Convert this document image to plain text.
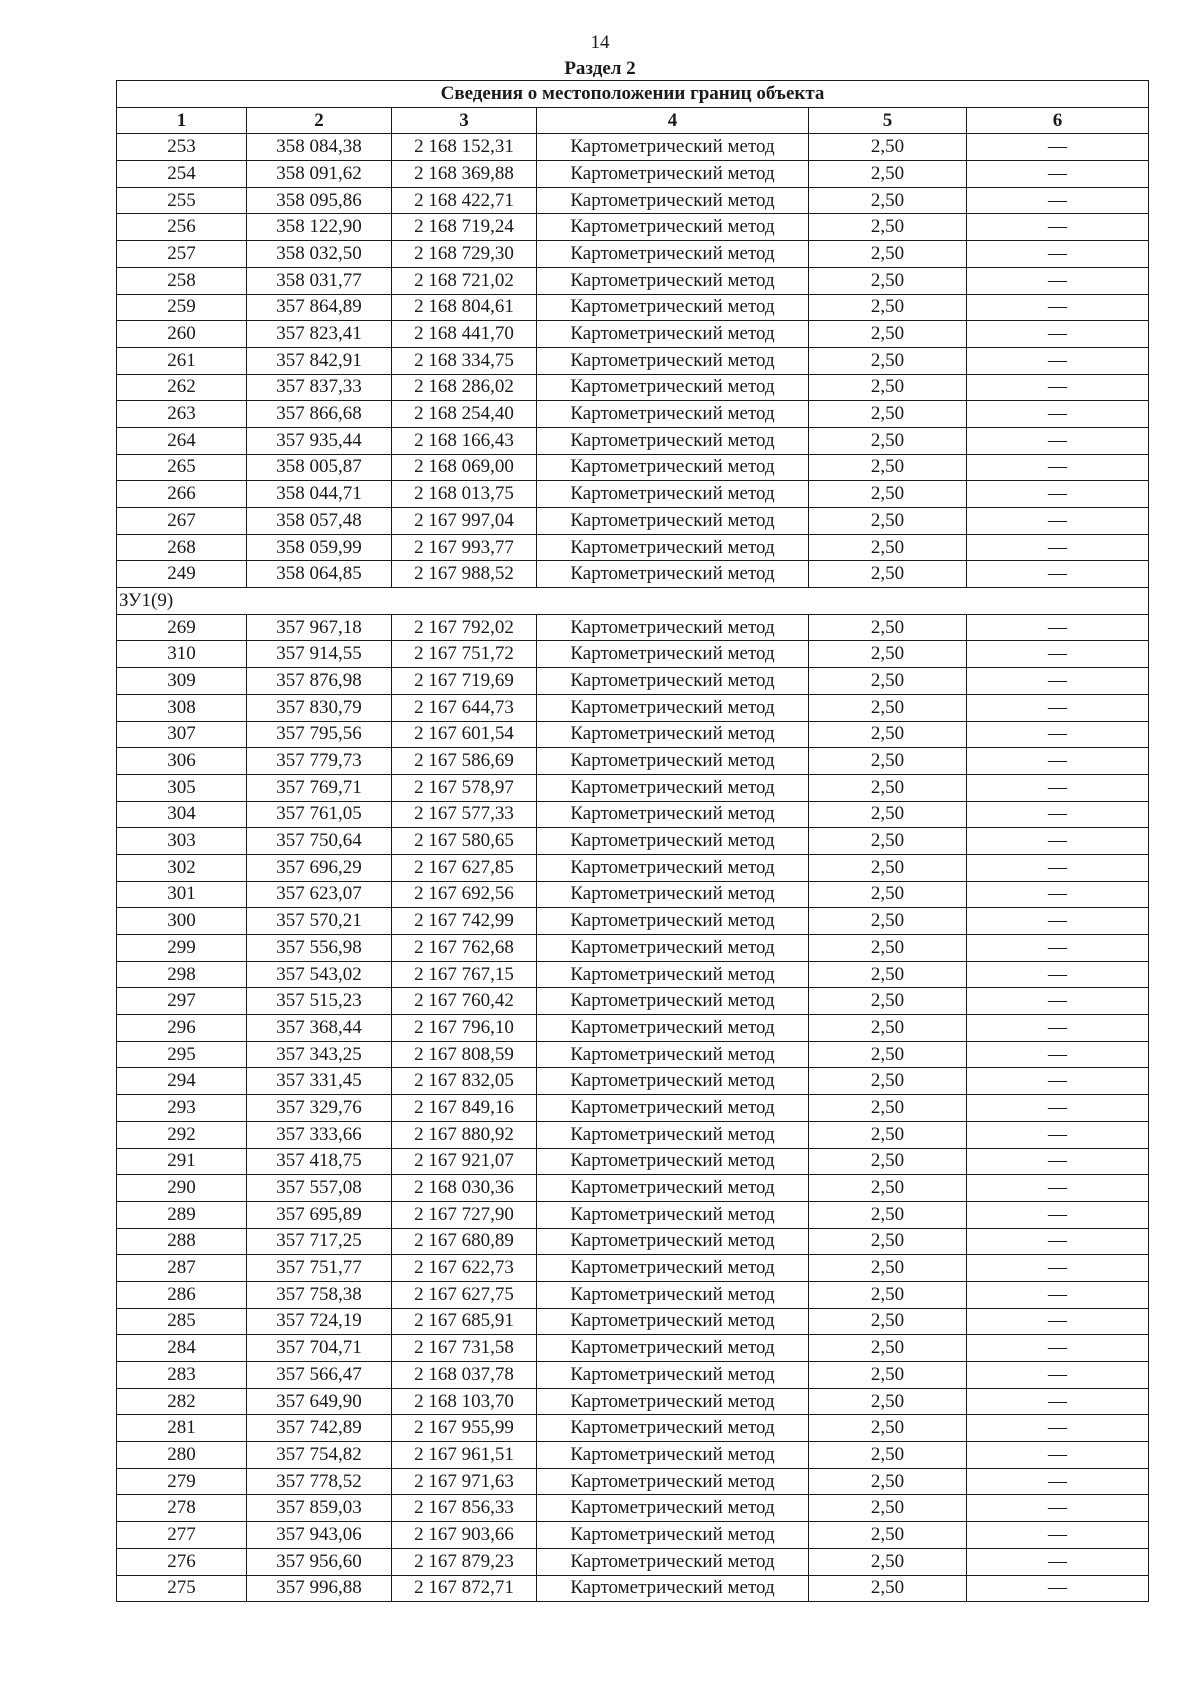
14
Раздел 2
Сведения о местоположении границ объекта					
1	2	3	4	5	6
253	358 084,38	2 168 152,31	Картометрический метод	2,50	—
254	358 091,62	2 168 369,88	Картометрический метод	2,50	—
255	358 095,86	2 168 422,71	Картометрический метод	2,50	—
256	358 122,90	2 168 719,24	Картометрический метод	2,50	—
257	358 032,50	2 168 729,30	Картометрический метод	2,50	—
258	358 031,77	2 168 721,02	Картометрический метод	2,50	—
259	357 864,89	2 168 804,61	Картометрический метод	2,50	—
260	357 823,41	2 168 441,70	Картометрический метод	2,50	—
261	357 842,91	2 168 334,75	Картометрический метод	2,50	—
262	357 837,33	2 168 286,02	Картометрический метод	2,50	—
263	357 866,68	2 168 254,40	Картометрический метод	2,50	—
264	357 935,44	2 168 166,43	Картометрический метод	2,50	—
265	358 005,87	2 168 069,00	Картометрический метод	2,50	—
266	358 044,71	2 168 013,75	Картометрический метод	2,50	—
267	358 057,48	2 167 997,04	Картометрический метод	2,50	—
268	358 059,99	2 167 993,77	Картометрический метод	2,50	—
249	358 064,85	2 167 988,52	Картометрический метод	2,50	—
ЗУ1(9)					
269	357 967,18	2 167 792,02	Картометрический метод	2,50	—
310	357 914,55	2 167 751,72	Картометрический метод	2,50	—
309	357 876,98	2 167 719,69	Картометрический метод	2,50	—
308	357 830,79	2 167 644,73	Картометрический метод	2,50	—
307	357 795,56	2 167 601,54	Картометрический метод	2,50	—
306	357 779,73	2 167 586,69	Картометрический метод	2,50	—
305	357 769,71	2 167 578,97	Картометрический метод	2,50	—
304	357 761,05	2 167 577,33	Картометрический метод	2,50	—
303	357 750,64	2 167 580,65	Картометрический метод	2,50	—
302	357 696,29	2 167 627,85	Картометрический метод	2,50	—
301	357 623,07	2 167 692,56	Картометрический метод	2,50	—
300	357 570,21	2 167 742,99	Картометрический метод	2,50	—
299	357 556,98	2 167 762,68	Картометрический метод	2,50	—
298	357 543,02	2 167 767,15	Картометрический метод	2,50	—
297	357 515,23	2 167 760,42	Картометрический метод	2,50	—
296	357 368,44	2 167 796,10	Картометрический метод	2,50	—
295	357 343,25	2 167 808,59	Картометрический метод	2,50	—
294	357 331,45	2 167 832,05	Картометрический метод	2,50	—
293	357 329,76	2 167 849,16	Картометрический метод	2,50	—
292	357 333,66	2 167 880,92	Картометрический метод	2,50	—
291	357 418,75	2 167 921,07	Картометрический метод	2,50	—
290	357 557,08	2 168 030,36	Картометрический метод	2,50	—
289	357 695,89	2 167 727,90	Картометрический метод	2,50	—
288	357 717,25	2 167 680,89	Картометрический метод	2,50	—
287	357 751,77	2 167 622,73	Картометрический метод	2,50	—
286	357 758,38	2 167 627,75	Картометрический метод	2,50	—
285	357 724,19	2 167 685,91	Картометрический метод	2,50	—
284	357 704,71	2 167 731,58	Картометрический метод	2,50	—
283	357 566,47	2 168 037,78	Картометрический метод	2,50	—
282	357 649,90	2 168 103,70	Картометрический метод	2,50	—
281	357 742,89	2 167 955,99	Картометрический метод	2,50	—
280	357 754,82	2 167 961,51	Картометрический метод	2,50	—
279	357 778,52	2 167 971,63	Картометрический метод	2,50	—
278	357 859,03	2 167 856,33	Картометрический метод	2,50	—
277	357 943,06	2 167 903,66	Картометрический метод	2,50	—
276	357 956,60	2 167 879,23	Картометрический метод	2,50	—
275	357 996,88	2 167 872,71	Картометрический метод	2,50	—
